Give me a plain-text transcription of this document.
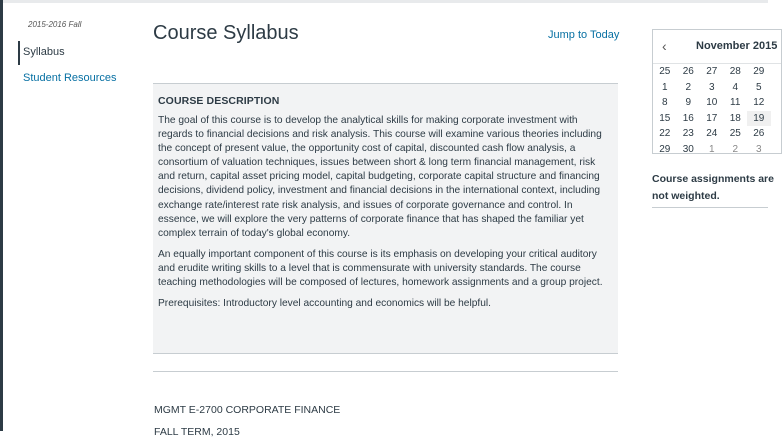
2015-2016 Fall
Syllabus
Student Resources
Course Syllabus	Jump to Today
COURSE DESCRIPTION

The goal of this course is to develop the analytical skills for making corporate investment with regards to financial decisions and risk analysis. This course will examine various theories including the concept of present value, the opportunity cost of capital, discounted cash flow analysis, a consortium of valuation techniques, issues between short & long term financial management, risk and return, capital asset pricing model, capital budgeting, corporate capital structure and financing decisions, dividend policy, investment and financial decisions in the international context, including exchange rate/interest rate risk analysis, and issues of corporate governance and control. In essence, we will explore the very patterns of corporate finance that has shaped the familiar yet complex terrain of today's global economy.

An equally important component of this course is its emphasis on developing your critical auditory and erudite writing skills to a level that is commensurate with university standards. The course teaching methodologies will be composed of lectures, homework assignments and a group project.

Prerequisites: Introductory level accounting and economics will be helpful.

MGMT E-2700 CORPORATE FINANCE
FALL TERM, 2015
‹	November 2015
25	26	27	28	29
1	2	3	4	5
8	9	10	11	12
15	16	17	18	19
22	23	24	25	26
29	30	1	2	3
Course assignments are not weighted.
